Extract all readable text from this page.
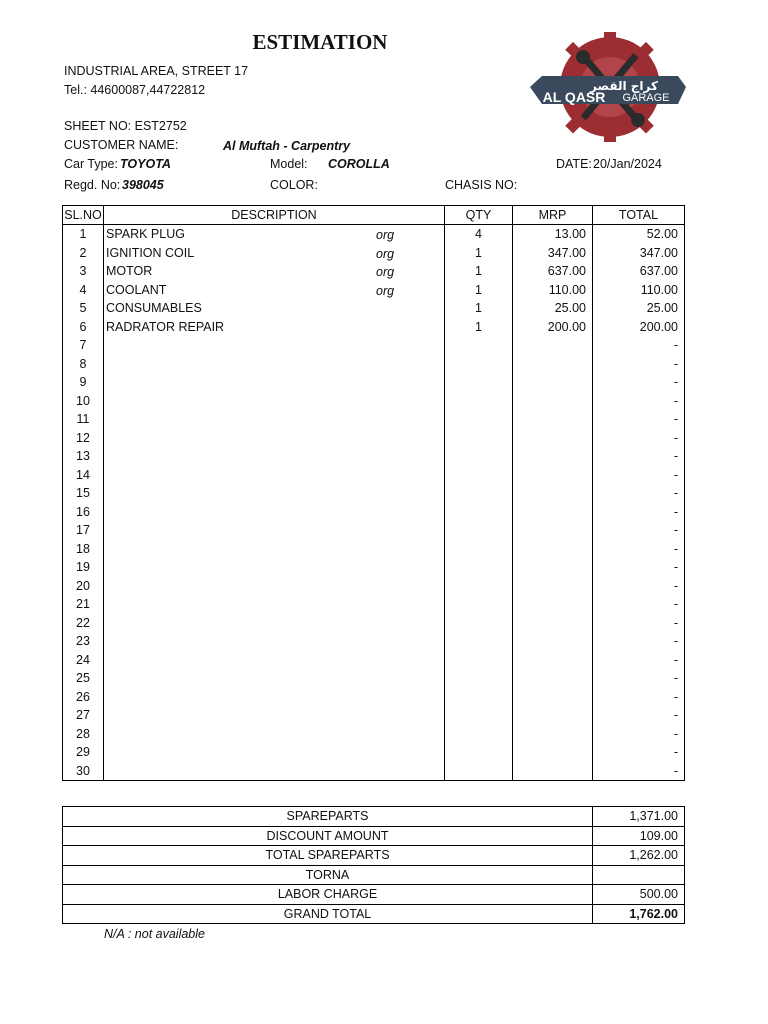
ESTIMATION
INDUSTRIAL AREA, STREET 17
Tel.: 44600087,44722812	كراج القصر
AL QASR GARAGE
SHEET NO: EST2752
CUSTOMER NAME:	Al Muftah - Carpentry
Car Type: TOYOTA	Model: COROLLA	DATE: 20/Jan/2024
Regd. No: 398045	COLOR:	CHASIS NO:
SL.NO	DESCRIPTION	QTY	MRP	TOTAL
1	SPARK PLUG org	4	13.00	52.00
2	IGNITION COIL org	1	347.00	347.00
3	MOTOR org	1	637.00	637.00
4	COOLANT org	1	110.00	110.00
5	CONSUMABLES	1	25.00	25.00
6	RADRATOR REPAIR	1	200.00	200.00
7				-
8				-
9				-
10				-
11				-
12				-
13				-
14				-
15				-
16				-
17				-
18				-
19				-
20				-
21				-
22				-
23				-
24				-
25				-
26				-
27				-
28				-
29				-
30				-
SPAREPARTS	1,371.00
DISCOUNT AMOUNT	109.00
TOTAL SPAREPARTS	1,262.00
TORNA	
LABOR CHARGE	500.00
GRAND TOTAL	1,762.00
N/A : not available
